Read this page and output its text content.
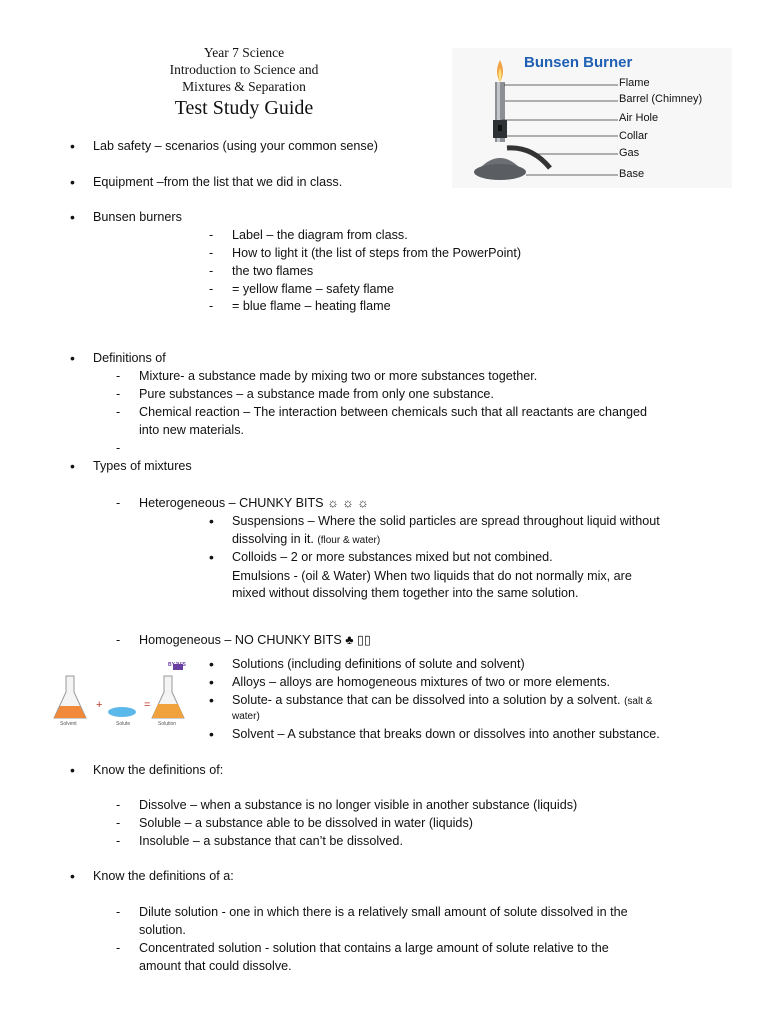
Year 7 Science
Introduction to Science and
Mixtures & Separation
Test Study Guide
Bunsen Burner
Flame
Barrel (Chimney)
Air Hole
Collar
Gas
Base
•	Lab safety – scenarios (using your common sense)
•	Equipment –from the list that we did in class.
•	Bunsen burners
-	Label – the diagram from class.
-	How to light it (the list of steps from the PowerPoint)
-	the two flames
-	= yellow flame – safety flame
-	= blue flame – heating flame
•	Definitions of
-	Mixture- a substance made by mixing two or more substances together.
-	Pure substances – a substance made from only one substance.
-	Chemical reaction – The interaction between chemicals such that all reactants are changed
into new materials.
-
•	Types of mixtures
-	Heterogeneous – CHUNKY BITS ☼ ☼ ☼
• Suspensions – Where the solid particles are spread throughout liquid without
dissolving in it. (flour & water)
• Colloids – 2 or more substances mixed but not combined.
Emulsions - (oil & Water) When two liquids that do not normally mix, are
mixed without dissolving them together into the same solution.
-	Homogeneous – NO CHUNKY BITS ♣ ▯▯
+	=
BYJU'S
Solvent	Solute	Solution
• Solutions (including definitions of solute and solvent)
• Alloys – alloys are homogeneous mixtures of two or more elements.
• Solute- a substance that can be dissolved into a solution by a solvent. (salt &
water)
• Solvent – A substance that breaks down or dissolves into another substance.
•	Know the definitions of:
-	Dissolve – when a substance is no longer visible in another substance (liquids)
-	Soluble – a substance able to be dissolved in water (liquids)
-	Insoluble – a substance that can’t be dissolved.
•	Know the definitions of a:
-	Dilute solution - one in which there is a relatively small amount of solute dissolved in the
solution.
-	Concentrated solution - solution that contains a large amount of solute relative to the
amount that could dissolve.
